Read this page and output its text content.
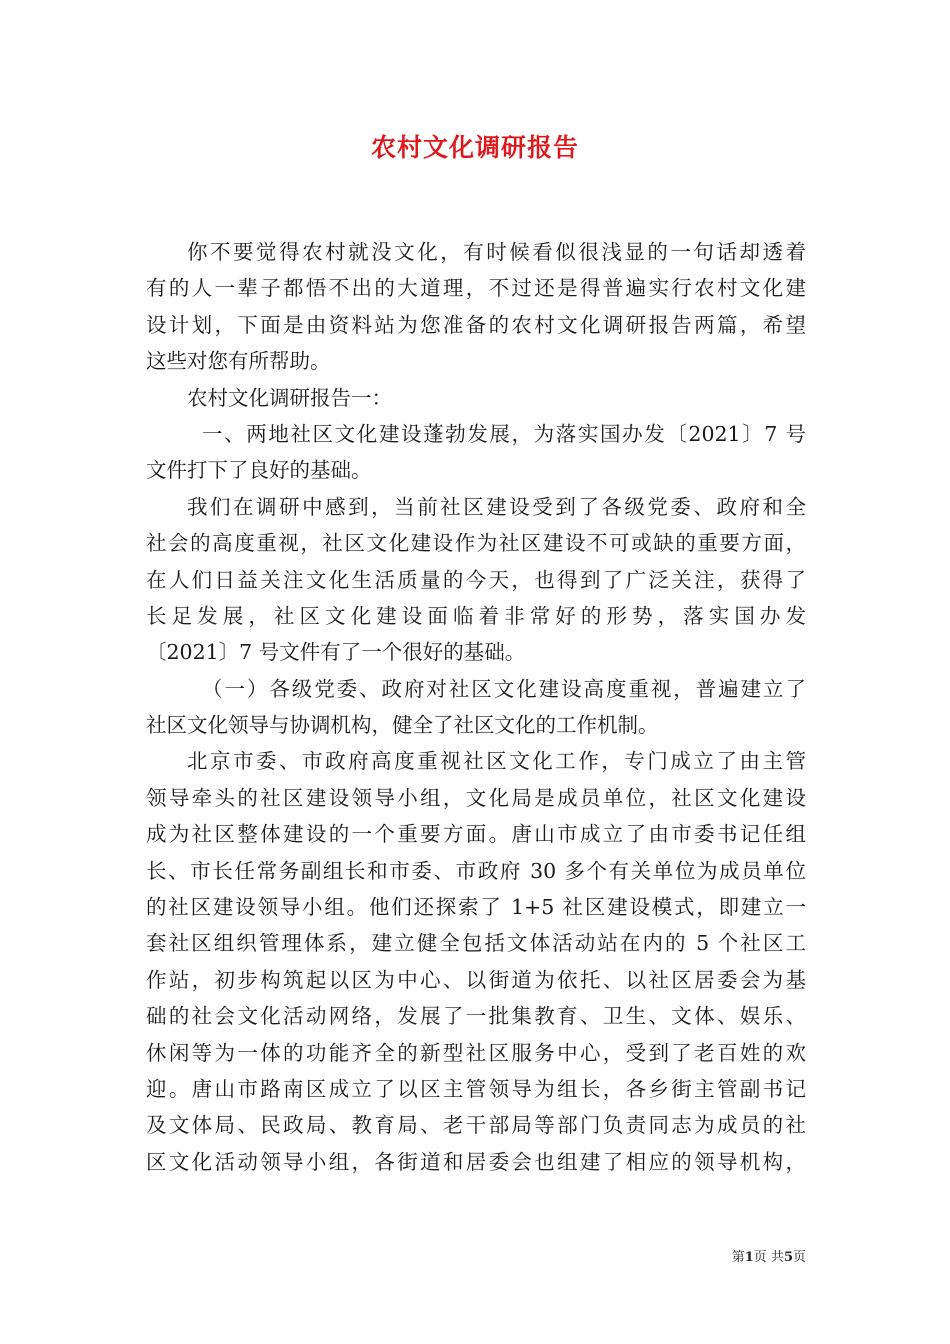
农村文化调研报告
你不要觉得农村就没文化，有时候看似很浅显的一句话却透着
有的人一辈子都悟不出的大道理，不过还是得普遍实行农村文化建
设计划，下面是由资料站为您准备的农村文化调研报告两篇，希望
这些对您有所帮助。
农村文化调研报告一：
一、两地社区文化建设蓬勃发展，为落实国办发〔2021〕7 号
文件打下了良好的基础。
我们在调研中感到，当前社区建设受到了各级党委、政府和全
社会的高度重视，社区文化建设作为社区建设不可或缺的重要方面，
在人们日益关注文化生活质量的今天，也得到了广泛关注，获得了
长足发展，社区文化建设面临着非常好的形势，落实国办发
〔2021〕7 号文件有了一个很好的基础。
（一）各级党委、政府对社区文化建设高度重视，普遍建立了
社区文化领导与协调机构，健全了社区文化的工作机制。
北京市委、市政府高度重视社区文化工作，专门成立了由主管
领导牵头的社区建设领导小组，文化局是成员单位，社区文化建设
成为社区整体建设的一个重要方面。唐山市成立了由市委书记任组
长、市长任常务副组长和市委、市政府 30 多个有关单位为成员单位
的社区建设领导小组。他们还探索了 1+5 社区建设模式，即建立一
套社区组织管理体系，建立健全包括文体活动站在内的 5 个社区工
作站，初步构筑起以区为中心、以街道为依托、以社区居委会为基
础的社会文化活动网络，发展了一批集教育、卫生、文体、娱乐、
休闲等为一体的功能齐全的新型社区服务中心，受到了老百姓的欢
迎。唐山市路南区成立了以区主管领导为组长，各乡街主管副书记
及文体局、民政局、教育局、老干部局等部门负责同志为成员的社
区文化活动领导小组，各街道和居委会也组建了相应的领导机构，
第1页 共5页
